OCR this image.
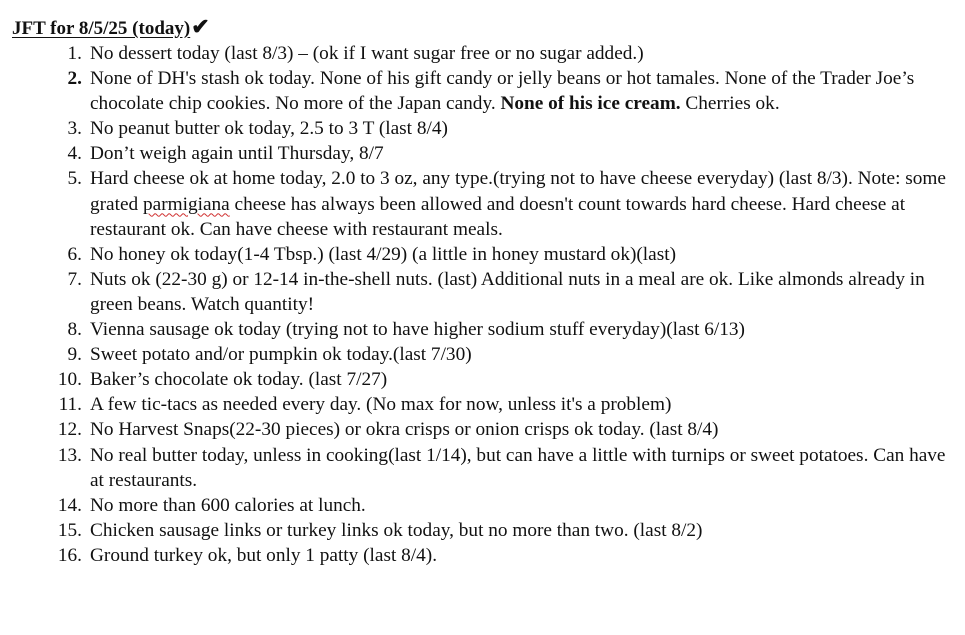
JFT for 8/5/25 (today)✔
1. No dessert today (last 8/3) – (ok if I want sugar free or no sugar added.)
2. None of DH's stash ok today. None of his gift candy or jelly beans or hot tamales. None of the Trader Joe’s chocolate chip cookies. No more of the Japan candy. None of his ice cream. Cherries ok.
3. No peanut butter ok today, 2.5 to 3 T (last 8/4)
4. Don’t weigh again until Thursday, 8/7
5. Hard cheese ok at home today, 2.0 to 3 oz, any type.(trying not to have cheese everyday) (last 8/3). Note: some grated parmigiana cheese has always been allowed and doesn't count towards hard cheese. Hard cheese at restaurant ok. Can have cheese with restaurant meals.
6. No honey ok today(1-4 Tbsp.) (last 4/29) (a little in honey mustard ok)(last)
7. Nuts ok (22-30 g) or 12-14 in-the-shell nuts. (last) Additional nuts in a meal are ok. Like almonds already in green beans. Watch quantity!
8. Vienna sausage ok today (trying not to have higher sodium stuff everyday)(last 6/13)
9. Sweet potato and/or pumpkin ok today.(last 7/30)
10. Baker’s chocolate ok today. (last 7/27)
11. A few tic-tacs as needed every day. (No max for now, unless it's a problem)
12. No Harvest Snaps(22-30 pieces) or okra crisps or onion crisps ok today. (last 8/4)
13. No real butter today, unless in cooking(last 1/14), but can have a little with turnips or sweet potatoes. Can have at restaurants.
14. No more than 600 calories at lunch.
15. Chicken sausage links or turkey links ok today, but no more than two. (last 8/2)
16. Ground turkey ok, but only 1 patty (last 8/4).
